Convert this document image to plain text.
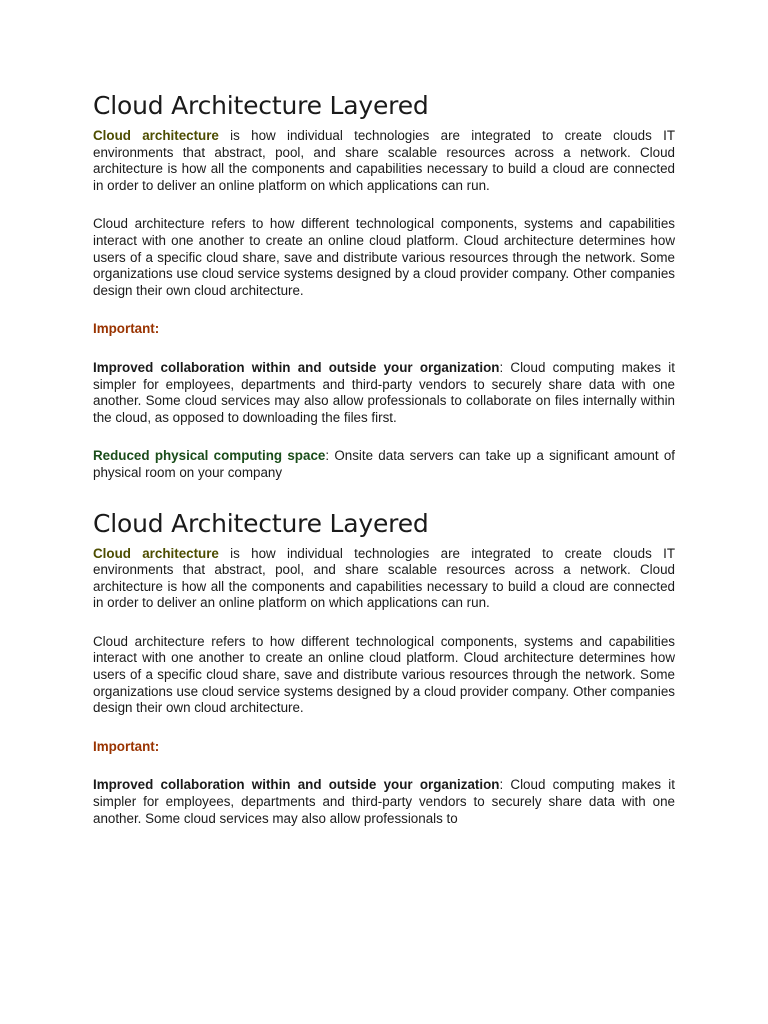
Cloud Architecture Layered

Cloud architecture is how individual technologies are integrated to create clouds IT environments that abstract, pool, and share scalable resources across a network. Cloud architecture is how all the components and capabilities necessary to build a cloud are connected in order to deliver an online platform on which applications can run.

Cloud architecture refers to how different technological components, systems and capabilities interact with one another to create an online cloud platform. Cloud architecture determines how users of a specific cloud share, save and distribute various resources through the network. Some organizations use cloud service systems designed by a cloud provider company. Other companies design their own cloud architecture.

Important:

Improved collaboration within and outside your organization: Cloud computing makes it simpler for employees, departments and third-party vendors to securely share data with one another. Some cloud services may also allow professionals to collaborate on files internally within the cloud, as opposed to downloading the files first.

Reduced physical computing space: Onsite data servers can take up a significant amount of physical room on your company

Cloud Architecture Layered

Cloud architecture is how individual technologies are integrated to create clouds IT environments that abstract, pool, and share scalable resources across a network. Cloud architecture is how all the components and capabilities necessary to build a cloud are connected in order to deliver an online platform on which applications can run.

Cloud architecture refers to how different technological components, systems and capabilities interact with one another to create an online cloud platform. Cloud architecture determines how users of a specific cloud share, save and distribute various resources through the network. Some organizations use cloud service systems designed by a cloud provider company. Other companies design their own cloud architecture.

Important:

Improved collaboration within and outside your organization: Cloud computing makes it simpler for employees, departments and third-party vendors to securely share data with one another. Some cloud services may also allow professionals to
